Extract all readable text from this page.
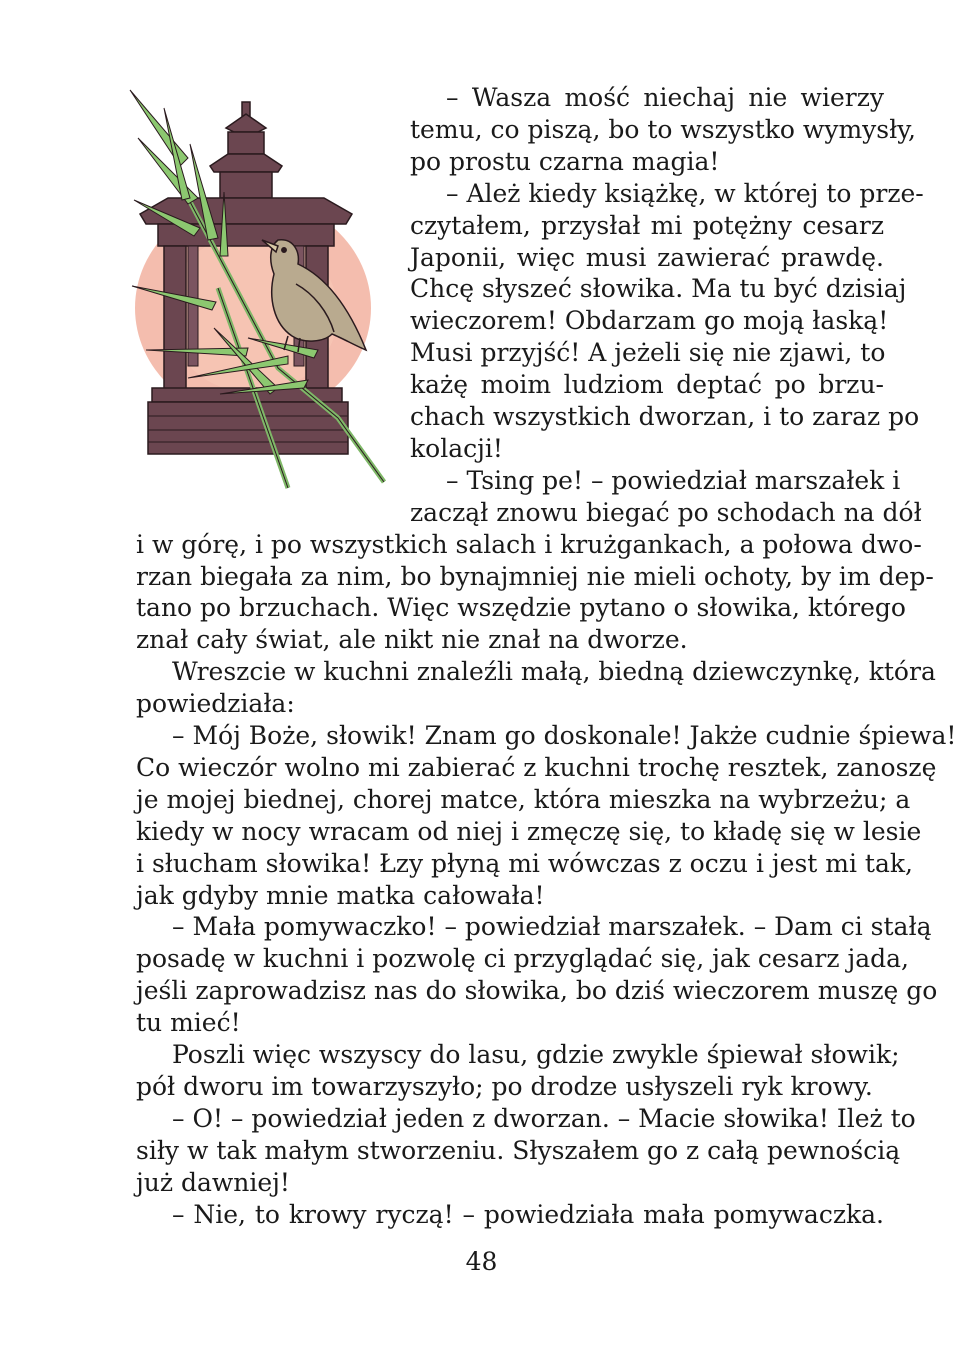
– Wasza mość niechaj nie wierzy
temu, co piszą, bo to wszystko wymysły,
po prostu czarna magia!
– Ależ kiedy książkę, w której to prze-
czytałem, przysłał mi potężny cesarz
Japonii, więc musi zawierać prawdę.
Chcę słyszeć słowika. Ma tu być dzisiaj
wieczorem! Obdarzam go moją łaską!
Musi przyjść! A jeżeli się nie zjawi, to
każę moim ludziom deptać po brzu-
chach wszystkich dworzan, i to zaraz po
kolacji!
– Tsing pe! – powiedział marszałek i
zaczął znowu biegać po schodach na dół
i w górę, i po wszystkich salach i krużgankach, a połowa dwo-
rzan biegała za nim, bo bynajmniej nie mieli ochoty, by im dep-
tano po brzuchach. Więc wszędzie pytano o słowika, którego
znał cały świat, ale nikt nie znał na dworze.
Wreszcie w kuchni znaleźli małą, biedną dziewczynkę, która
powiedziała:
– Mój Boże, słowik! Znam go doskonale! Jakże cudnie śpiewa!
Co wieczór wolno mi zabierać z kuchni trochę resztek, zanoszę
je mojej biednej, chorej matce, która mieszka na wybrzeżu; a
kiedy w nocy wracam od niej i zmęczę się, to kładę się w lesie
i słucham słowika! Łzy płyną mi wówczas z oczu i jest mi tak,
jak gdyby mnie matka całowała!
– Mała pomywaczko! – powiedział marszałek. – Dam ci stałą
posadę w kuchni i pozwolę ci przyglądać się, jak cesarz jada,
jeśli zaprowadzisz nas do słowika, bo dziś wieczorem muszę go
tu mieć!
Poszli więc wszyscy do lasu, gdzie zwykle śpiewał słowik;
pół dworu im towarzyszyło; po drodze usłyszeli ryk krowy.
– O! – powiedział jeden z dworzan. – Macie słowika! Ileż to
siły w tak małym stworzeniu. Słyszałem go z całą pewnością
już dawniej!
– Nie, to krowy ryczą! – powiedziała mała pomywaczka.
48
